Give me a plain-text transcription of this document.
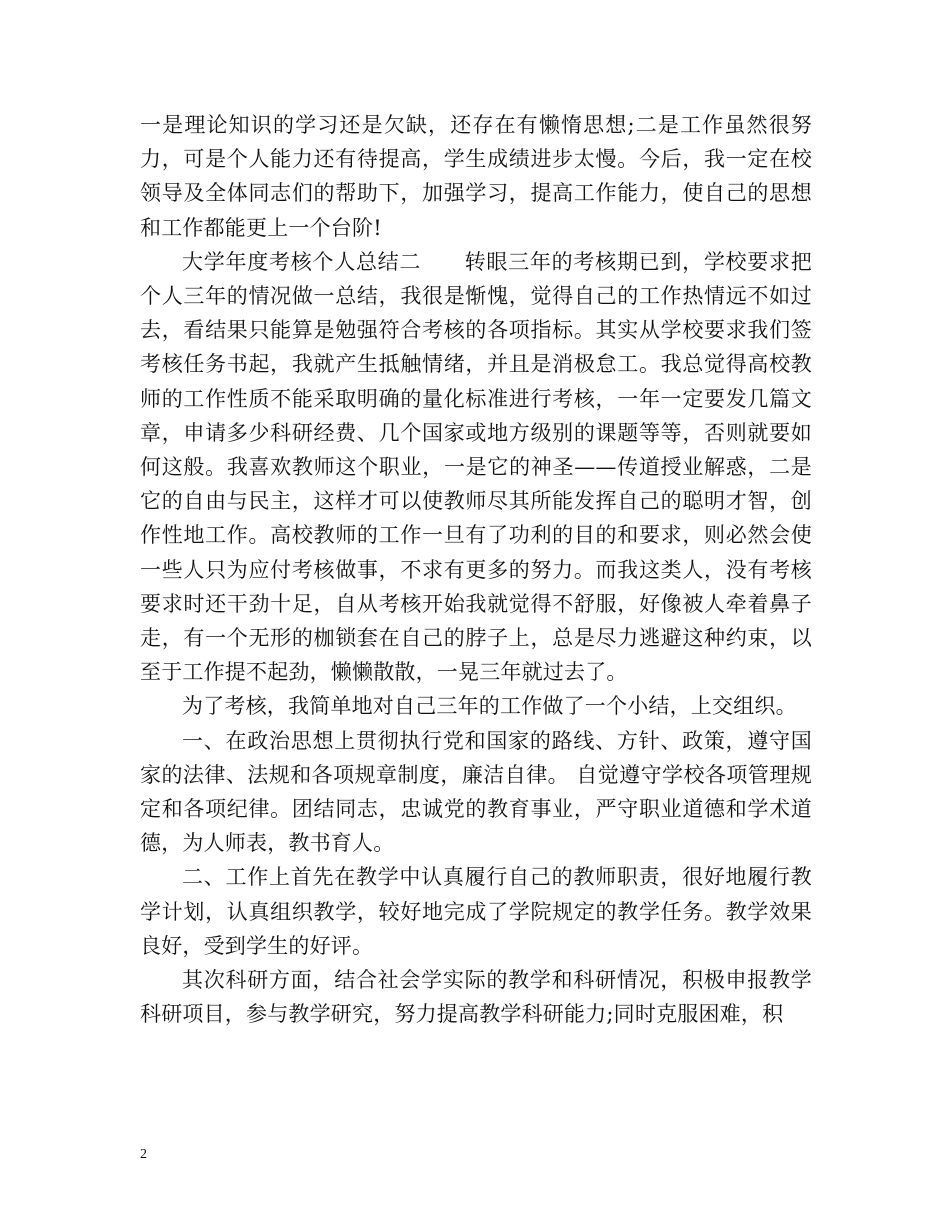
一是理论知识的学习还是欠缺，还存在有懒惰思想;二是工作虽然很努力，可是个人能力还有待提高，学生成绩进步太慢。今后，我一定在校领导及全体同志们的帮助下，加强学习，提高工作能力，使自己的思想和工作都能更上一个台阶!

大学年度考核个人总结二　　转眼三年的考核期已到，学校要求把个人三年的情况做一总结，我很是惭愧，觉得自己的工作热情远不如过去，看结果只能算是勉强符合考核的各项指标。其实从学校要求我们签考核任务书起，我就产生抵触情绪，并且是消极怠工。我总觉得高校教师的工作性质不能采取明确的量化标准进行考核，一年一定要发几篇文章，申请多少科研经费、几个国家或地方级别的课题等等，否则就要如何这般。我喜欢教师这个职业，一是它的神圣——传道授业解惑，二是它的自由与民主，这样才可以使教师尽其所能发挥自己的聪明才智，创作性地工作。高校教师的工作一旦有了功利的目的和要求，则必然会使一些人只为应付考核做事，不求有更多的努力。而我这类人，没有考核要求时还干劲十足，自从考核开始我就觉得不舒服，好像被人牵着鼻子走，有一个无形的枷锁套在自己的脖子上，总是尽力逃避这种约束，以至于工作提不起劲，懒懒散散，一晃三年就过去了。

为了考核，我简单地对自己三年的工作做了一个小结，上交组织。

一、在政治思想上贯彻执行党和国家的路线、方针、政策，遵守国家的法律、法规和各项规章制度，廉洁自律。 自觉遵守学校各项管理规定和各项纪律。团结同志，忠诚党的教育事业，严守职业道德和学术道德，为人师表，教书育人。

二、工作上首先在教学中认真履行自己的教师职责，很好地履行教学计划，认真组织教学，较好地完成了学院规定的教学任务。教学效果良好，受到学生的好评。

其次科研方面，结合社会学实际的教学和科研情况，积极申报教学科研项目，参与教学研究，努力提高教学科研能力;同时克服困难，积

2
